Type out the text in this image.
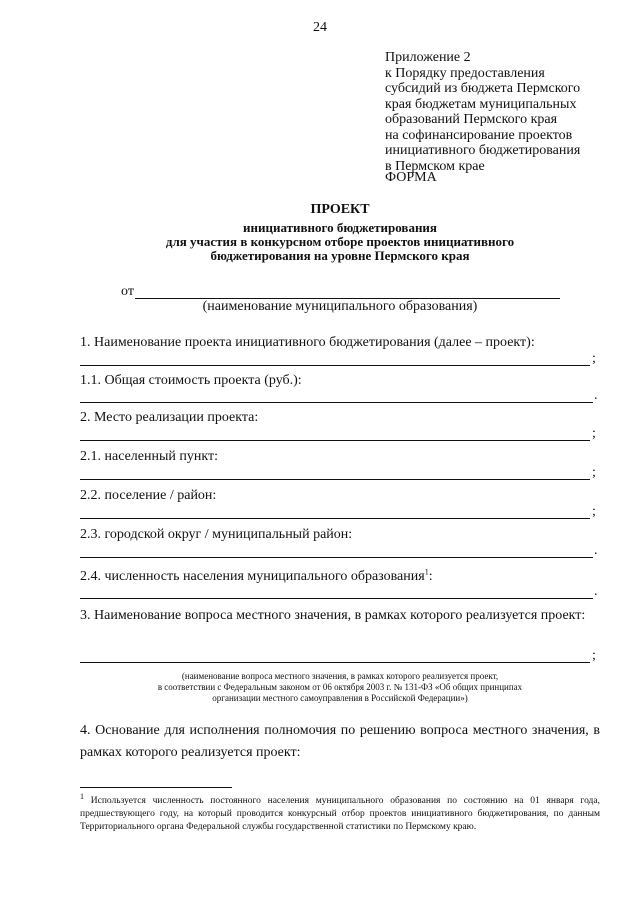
24
Приложение 2
к Порядку предоставления
субсидий из бюджета Пермского
края бюджетам муниципальных
образований Пермского края
на софинансирование проектов
инициативного бюджетирования
в Пермском крае
ФОРМА
ПРОЕКТ
инициативного бюджетирования
для участия в конкурсном отборе проектов инициативного
бюджетирования на уровне Пермского края
от
(наименование муниципального образования)
1. Наименование проекта инициативного бюджетирования (далее – проект):
;
1.1. Общая стоимость проекта (руб.):
.
2. Место реализации проекта:
;
2.1. населенный пункт:
;
2.2. поселение / район:
;
2.3. городской округ / муниципальный район:
.
2.4. численность населения муниципального образования$^1$:
.
3. Наименование вопроса местного значения, в рамках которого реализуется проект:
;
(наименование вопроса местного значения, в рамках которого реализуется проект,
в соответствии с Федеральным законом от 06 октября 2003 г. № 131-ФЗ «Об общих принципах
организации местного самоуправления в Российской Федерации»)
4. Основание для исполнения полномочия по решению вопроса местного значения, в рамках которого реализуется проект:
$^1$ Используется численность постоянного населения муниципального образования по состоянию на 01 января года, предшествующего году, на который проводится конкурсный отбор проектов инициативного бюджетирования, по данным Территориального органа Федеральной службы государственной статистики по Пермскому краю.
